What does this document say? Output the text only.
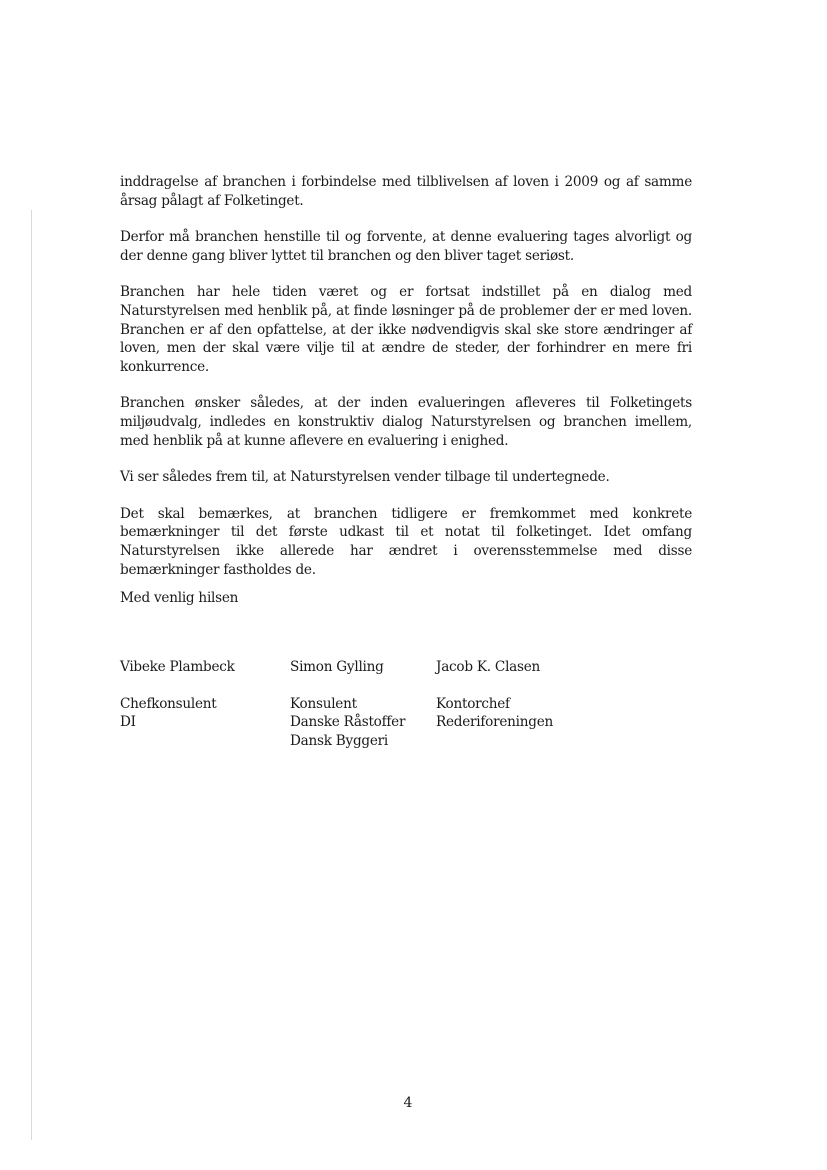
inddragelse af branchen i forbindelse med tilblivelsen af loven i 2009 og af samme årsag pålagt af Folketinget.

Derfor må branchen henstille til og forvente, at denne evaluering tages alvorligt og der denne gang bliver lyttet til branchen og den bliver taget seriøst.

Branchen har hele tiden været og er fortsat indstillet på en dialog med Naturstyrelsen med henblik på, at finde løsninger på de problemer der er med loven. Branchen er af den opfattelse, at der ikke nødvendigvis skal ske store ændringer af loven, men der skal være vilje til at ændre de steder, der forhindrer en mere fri konkurrence.

Branchen ønsker således, at der inden evalueringen afleveres til Folketingets miljøudvalg, indledes en konstruktiv dialog Naturstyrelsen og branchen imellem, med henblik på at kunne aflevere en evaluering i enighed.

Vi ser således frem til, at Naturstyrelsen vender tilbage til undertegnede.

Det skal bemærkes, at branchen tidligere er fremkommet med konkrete bemærkninger til det første udkast til et notat til folketinget. Idet omfang Naturstyrelsen ikke allerede har ændret i overensstemmelse med disse bemærkninger fastholdes de.

Med venlig hilsen

Vibeke Plambeck

Chefkonsulent

DI

Simon Gylling

Konsulent

Danske Råstoffer

Dansk Byggeri

Jacob K. Clasen

Kontorchef

Rederiforeningen

4
